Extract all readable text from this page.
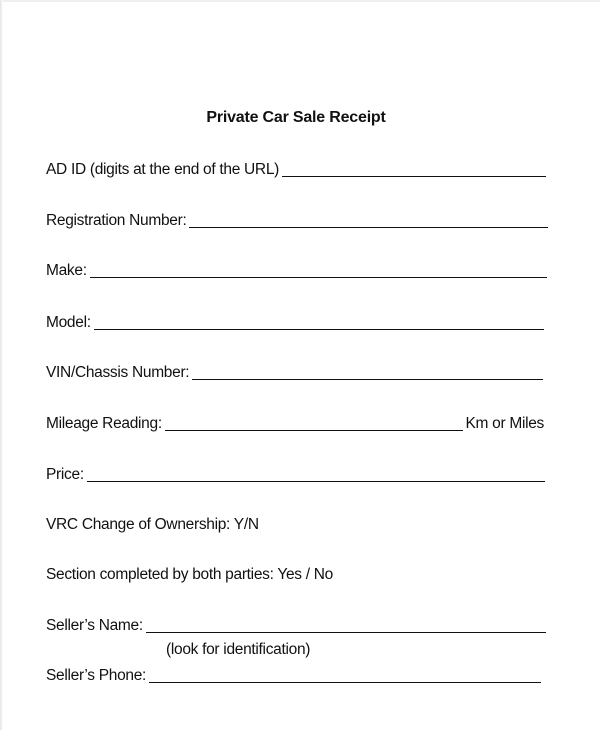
Private Car Sale Receipt
AD ID (digits at the end of the URL)
Registration Number:
Make:
Model:
VIN/Chassis Number:
Mileage Reading:	Km or Miles
Price:
VRC Change of Ownership: Y/N
Section completed by both parties: Yes / No
Seller’s Name:
(look for identification)
Seller’s Phone:
